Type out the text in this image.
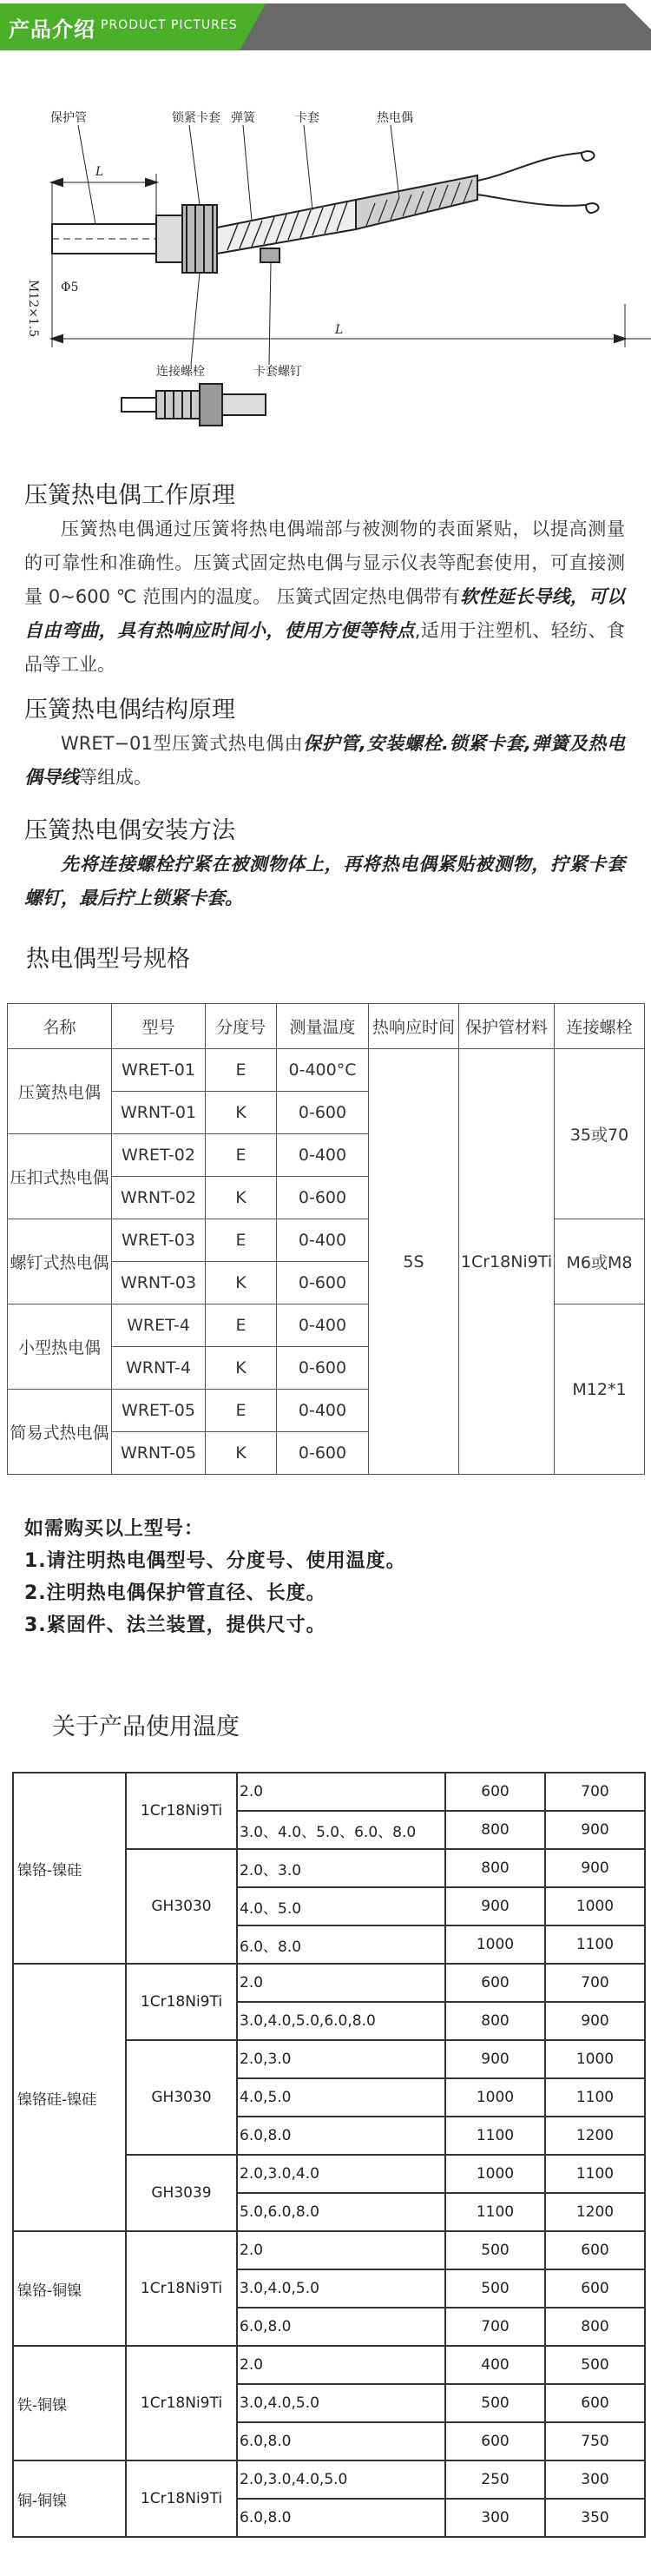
产品介绍 PRODUCT PICTURES
保护管	锁紧卡套 弹簧	卡套	热电偶
连接螺栓	卡套螺钉
L
L
Φ5
M12×1.5
压簧热电偶工作原理
压簧热电偶通过压簧将热电偶端部与被测物的表面紧贴，以提高测量的可靠性和准确性。压簧式固定热电偶与显示仪表等配套使用，可直接测量 0~600 ℃ 范围内的温度。 压簧式固定热电偶带有软性延长导线，可以自由弯曲，具有热响应时间小，使用方便等特点,适用于注塑机、轻纺、食品等工业。
压簧热电偶结构原理
WRET−01型压簧式热电偶由保护管,安装螺栓.锁紧卡套,弹簧及热电偶导线等组成。
压簧热电偶安装方法
先将连接螺栓拧紧在被测物体上，再将热电偶紧贴被测物，拧紧卡套螺钉，最后拧上锁紧卡套。
热电偶型号规格
名称	型号	分度号	测量温度	热响应时间	保护管材料	连接螺栓
压簧热电偶	WRET-01	E	0-400°C	5S	1Cr18Ni9Ti	35或70
	WRNT-01	K	0-600			
压扣式热电偶	WRET-02	E	0-400			
	WRNT-02	K	0-600			
螺钉式热电偶	WRET-03	E	0-400			M6或M8
	WRNT-03	K	0-600			
小型热电偶	WRET-4	E	0-400			M12*1
	WRNT-4	K	0-600			
简易式热电偶	WRET-05	E	0-400			
	WRNT-05	K	0-600			
如需购买以上型号：
1.请注明热电偶型号、分度号、使用温度。
2.注明热电偶保护管直径、长度。
3.紧固件、法兰装置，提供尺寸。
关于产品使用温度
镍铬-镍硅	1Cr18Ni9Ti	2.0	600	700
		3.0、4.0、5.0、6.0、8.0	800	900
	GH3030	2.0、3.0	800	900
		4.0、5.0	900	1000
		6.0、8.0	1000	1100
镍铬硅-镍硅	1Cr18Ni9Ti	2.0	600	700
		3.0,4.0,5.0,6.0,8.0	800	900
	GH3030	2.0,3.0	900	1000
		4.0,5.0	1000	1100
		6.0,8.0	1100	1200
	GH3039	2.0,3.0,4.0	1000	1100
		5.0,6.0,8.0	1100	1200
镍铬-铜镍	1Cr18Ni9Ti	2.0	500	600
		3.0,4.0,5.0	500	600
		6.0,8.0	700	800
铁-铜镍	1Cr18Ni9Ti	2.0	400	500
		3.0,4.0,5.0	500	600
		6.0,8.0	600	750
铜-铜镍	1Cr18Ni9Ti	2.0,3.0,4.0,5.0	250	300
		6.0,8.0	300	350
